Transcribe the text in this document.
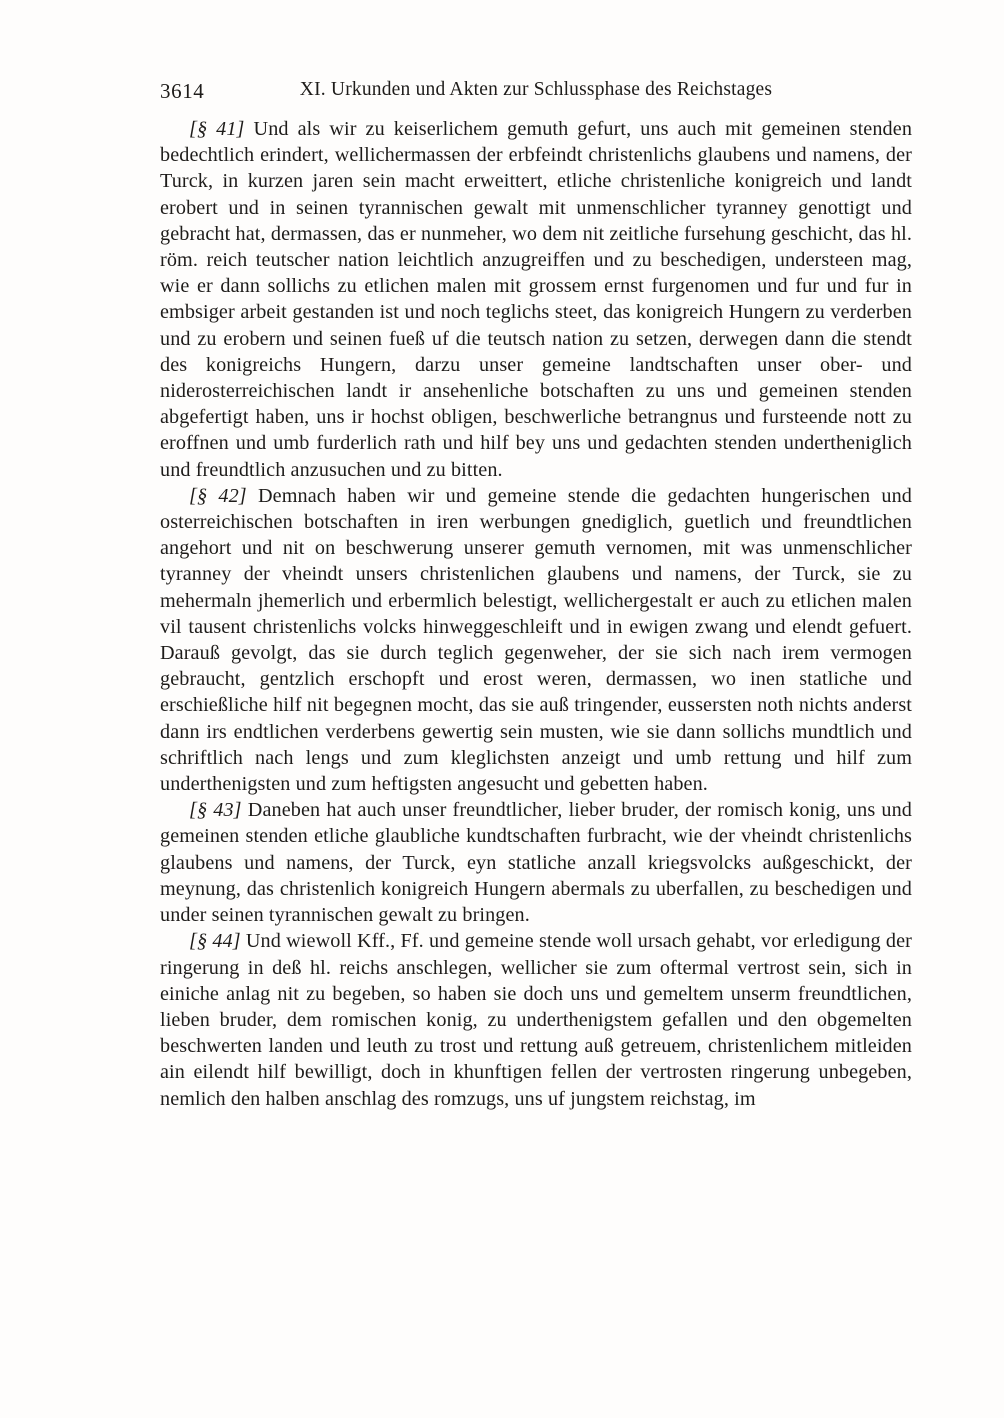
3614	XI. Urkunden und Akten zur Schlussphase des Reichstages

[§ 41] Und als wir zu keiserlichem gemuth gefurt, uns auch mit gemeinen stenden bedechtlich erindert, wellichermassen der erbfeindt christenlichs glaubens und namens, der Turck, in kurzen jaren sein macht erweittert, etliche christenliche konigreich und landt erobert und in seinen tyrannischen gewalt mit unmenschlicher tyranney genottigt und gebracht hat, dermassen, das er nunmeher, wo dem nit zeitliche fursehung geschicht, das hl. röm. reich teutscher nation leichtlich anzugreiffen und zu beschedigen, understeen mag, wie er dann sollichs zu etlichen malen mit grossem ernst furgenomen und fur und fur in embsiger arbeit gestanden ist und noch teglichs steet, das konigreich Hungern zu verderben und zu erobern und seinen fueß uf die teutsch nation zu setzen, derwegen dann die stendt des konigreichs Hungern, darzu unser gemeine landtschaften unser ober- und niderosterreichischen landt ir ansehenliche botschaften zu uns und gemeinen stenden abgefertigt haben, uns ir hochst obligen, beschwerliche betrangnus und fursteende nott zu eroffnen und umb furderlich rath und hilf bey uns und gedachten stenden undertheniglich und freundtlich anzusuchen und zu bitten.

[§ 42] Demnach haben wir und gemeine stende die gedachten hungerischen und osterreichischen botschaften in iren werbungen gnediglich, guetlich und freundtlichen angehort und nit on beschwerung unserer gemuth vernomen, mit was unmenschlicher tyranney der vheindt unsers christenlichen glaubens und namens, der Turck, sie zu mehermaln jhemerlich und erbermlich belestigt, wellichergestalt er auch zu etlichen malen vil tausent christenlichs volcks hinweggeschleift und in ewigen zwang und elendt gefuert. Darauß gevolgt, das sie durch teglich gegenweher, der sie sich nach irem vermogen gebraucht, gentzlich erschopft und erost weren, dermassen, wo inen statliche und erschießliche hilf nit begegnen mocht, das sie auß tringender, eussersten noth nichts anderst dann irs endtlichen verderbens gewertig sein musten, wie sie dann sollichs mundtlich und schriftlich nach lengs und zum kleglichsten anzeigt und umb rettung und hilf zum underthenigsten und zum heftigsten angesucht und gebetten haben.

[§ 43] Daneben hat auch unser freundtlicher, lieber bruder, der romisch konig, uns und gemeinen stenden etliche glaubliche kundtschaften furbracht, wie der vheindt christenlichs glaubens und namens, der Turck, eyn statliche anzall kriegsvolcks außgeschickt, der meynung, das christenlich konigreich Hungern abermals zu uberfallen, zu beschedigen und under seinen tyrannischen gewalt zu bringen.

[§ 44] Und wiewoll Kff., Ff. und gemeine stende woll ursach gehabt, vor erledigung der ringerung in deß hl. reichs anschlegen, wellicher sie zum oftermal vertrost sein, sich in einiche anlag nit zu begeben, so haben sie doch uns und gemeltem unserm freundtlichen, lieben bruder, dem romischen konig, zu underthenigstem gefallen und den obgemelten beschwerten landen und leuth zu trost und rettung auß getreuem, christenlichem mitleiden ain eilendt hilf bewilligt, doch in khunftigen fellen der vertrosten ringerung unbegeben, nemlich den halben anschlag des romzugs, uns uf jungstem reichstag, im
